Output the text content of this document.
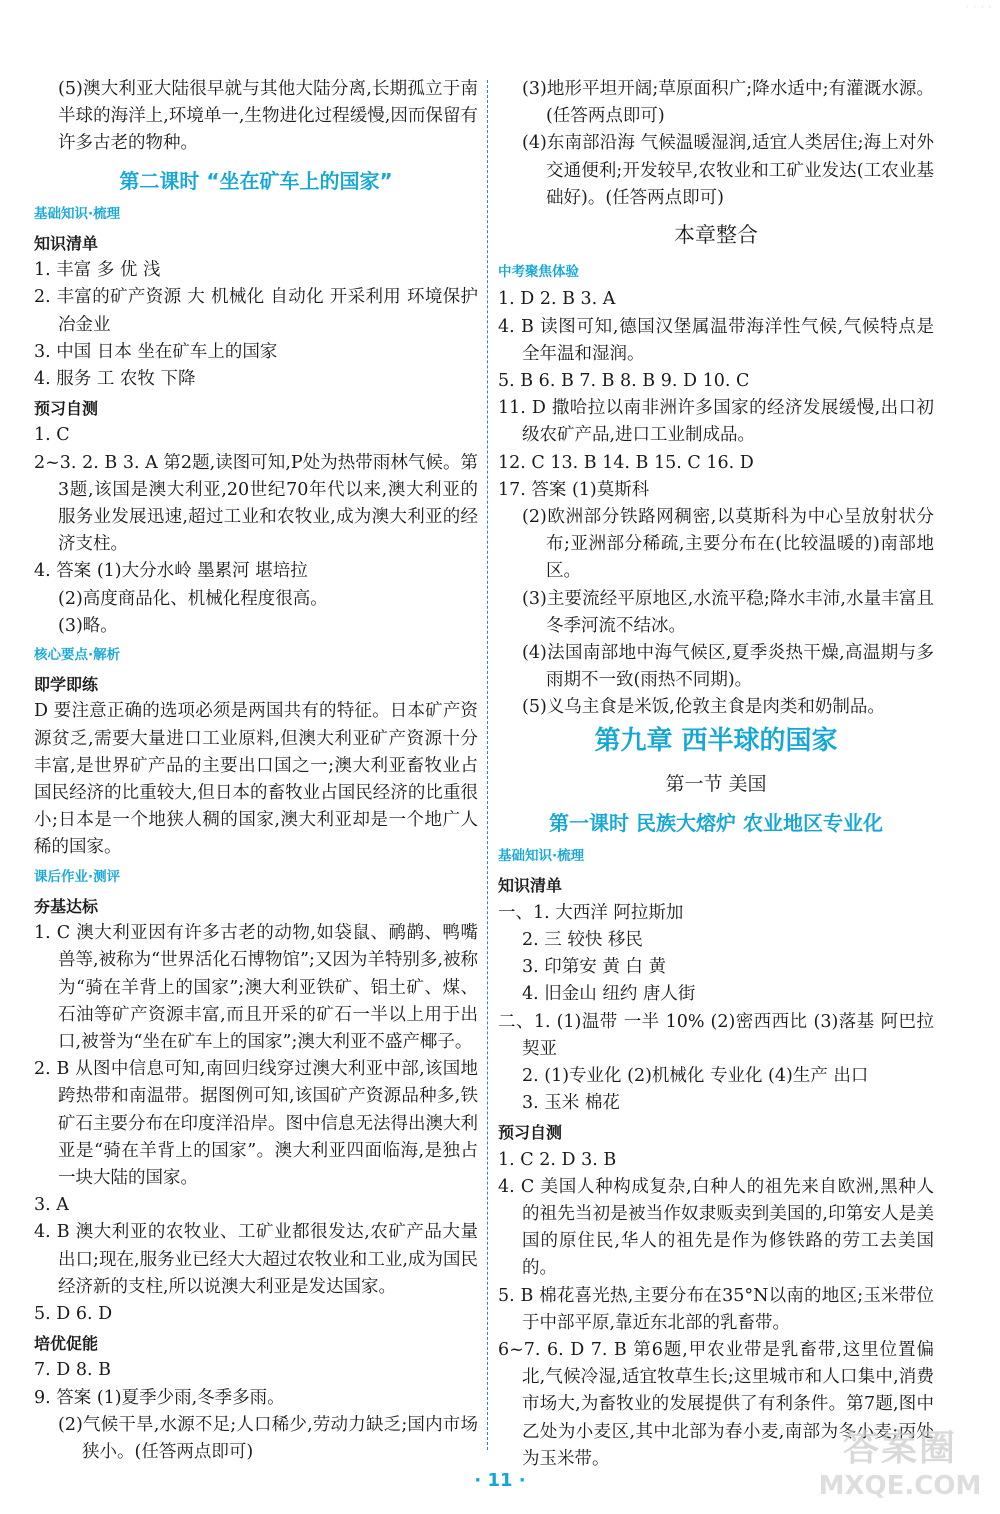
· · · ·

(5)澳大利亚大陆很早就与其他大陆分离,长期孤立于南半球的海洋上,环境单一,生物进化过程缓慢,因而保留有许多古老的物种。

第二课时 “坐在矿车上的国家”
基础知识·梳理
知识清单

1. 丰富 多 优 浅

2. 丰富的矿产资源 大 机械化 自动化 开采利用 环境保护 冶金业

3. 中国 日本 坐在矿车上的国家

4. 服务 工 农牧 下降

预习自测

1. C

2~3. 2. B 3. A 第2题,读图可知,P处为热带雨林气候。第3题,该国是澳大利亚,20世纪70年代以来,澳大利亚的服务业发展迅速,超过工业和农牧业,成为澳大利亚的经济支柱。

4. 答案 (1)大分水岭 墨累河 堪培拉

(2)高度商品化、机械化程度很高。

(3)略。

核心要点·解析
即学即练

D 要注意正确的选项必须是两国共有的特征。日本矿产资源贫乏,需要大量进口工业原料,但澳大利亚矿产资源十分丰富,是世界矿产品的主要出口国之一;澳大利亚畜牧业占国民经济的比重较大,但日本的畜牧业占国民经济的比重很小;日本是一个地狭人稠的国家,澳大利亚却是一个地广人稀的国家。

课后作业·测评
夯基达标

1. C 澳大利亚因有许多古老的动物,如袋鼠、鸸鹋、鸭嘴兽等,被称为“世界活化石博物馆”;又因为羊特别多,被称为“骑在羊背上的国家”;澳大利亚铁矿、铝土矿、煤、石油等矿产资源丰富,而且开采的矿石一半以上用于出口,被誉为“坐在矿车上的国家”;澳大利亚不盛产椰子。

2. B 从图中信息可知,南回归线穿过澳大利亚中部,该国地跨热带和南温带。据图例可知,该国矿产资源品种多,铁矿石主要分布在印度洋沿岸。图中信息无法得出澳大利亚是“骑在羊背上的国家”。澳大利亚四面临海,是独占一块大陆的国家。

3. A

4. B 澳大利亚的农牧业、工矿业都很发达,农矿产品大量出口;现在,服务业已经大大超过农牧业和工业,成为国民经济新的支柱,所以说澳大利亚是发达国家。

5. D 6. D

培优促能

7. D 8. B

9. 答案 (1)夏季少雨,冬季多雨。

(2)气候干旱,水源不足;人口稀少,劳动力缺乏;国内市场狭小。(任答两点即可)

(3)地形平坦开阔;草原面积广;降水适中;有灌溉水源。(任答两点即可)

(4)东南部沿海 气候温暖湿润,适宜人类居住;海上对外交通便利;开发较早,农牧业和工矿业发达(工农业基础好)。(任答两点即可)

本章整合
中考聚焦体验

1. D 2. B 3. A

4. B 读图可知,德国汉堡属温带海洋性气候,气候特点是全年温和湿润。

5. B 6. B 7. B 8. B 9. D 10. C

11. D 撒哈拉以南非洲许多国家的经济发展缓慢,出口初级农矿产品,进口工业制成品。

12. C 13. B 14. B 15. C 16. D

17. 答案 (1)莫斯科

(2)欧洲部分铁路网稠密,以莫斯科为中心呈放射状分布;亚洲部分稀疏,主要分布在(比较温暖的)南部地区。

(3)主要流经平原地区,水流平稳;降水丰沛,水量丰富且冬季河流不结冰。

(4)法国南部地中海气候区,夏季炎热干燥,高温期与多雨期不一致(雨热不同期)。

(5)义乌主食是米饭,伦敦主食是肉类和奶制品。

第九章 西半球的国家
第一节 美国
第一课时 民族大熔炉 农业地区专业化
基础知识·梳理
知识清单

一、1. 大西洋 阿拉斯加

2. 三 较快 移民

3. 印第安 黄 白 黄

4. 旧金山 纽约 唐人街

二、1. (1)温带 一半 10% (2)密西西比 (3)落基 阿巴拉契亚

2. (1)专业化 (2)机械化 专业化 (4)生产 出口

3. 玉米 棉花

预习自测

1. C 2. D 3. B

4. C 美国人种构成复杂,白种人的祖先来自欧洲,黑种人的祖先当初是被当作奴隶贩卖到美国的,印第安人是美国的原住民,华人的祖先是作为修铁路的劳工去美国的。

5. B 棉花喜光热,主要分布在35°N以南的地区;玉米带位于中部平原,靠近东北部的乳畜带。

6~7. 6. D 7. B 第6题,甲农业带是乳畜带,这里位置偏北,气候冷湿,适宜牧草生长;这里城市和人口集中,消费市场大,为畜牧业的发展提供了有利条件。第7题,图中乙处为小麦区,其中北部为春小麦,南部为冬小麦;丙处为玉米带。

· 11 ·
答案圈
MXQE.COM
